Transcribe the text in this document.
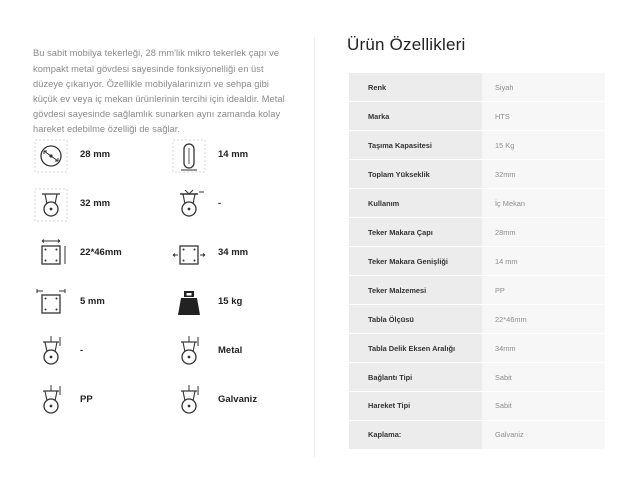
Bu sabit mobilya tekerleği, 28 mm'lik mikro tekerlek çapı ve kompakt metal gövdesi sayesinde fonksiyonelliği en üst düzeye çıkarıyor. Özellikle mobilyalarınızın ve sehpa gibi küçük ev veya iç mekan ürünlerinin tercihi için idealdir. Metal gövdesi sayesinde sağlamlık sunarken aynı zamanda kolay hareket edebilme özelliği de sağlar.

28 mm	14 mm
32 mm	-
22*46mm	34 mm
5 mm	15 kg
-	Metal
PP	Galvaniz
Ürün Özellikleri
Renk	Siyah
Marka	HTS
Taşıma Kapasitesi	15 Kg
Toplam Yükseklik	32mm
Kullanım	İç Mekan
Teker Makara Çapı	28mm
Teker Makara Genişliği	14 mm
Teker Malzemesi	PP
Tabla Ölçüsü	22*46mm
Tabla Delik Eksen Aralığı	34mm
Bağlantı Tipi	Sabit
Hareket Tipi	Sabit
Kaplama:	Galvaniz
